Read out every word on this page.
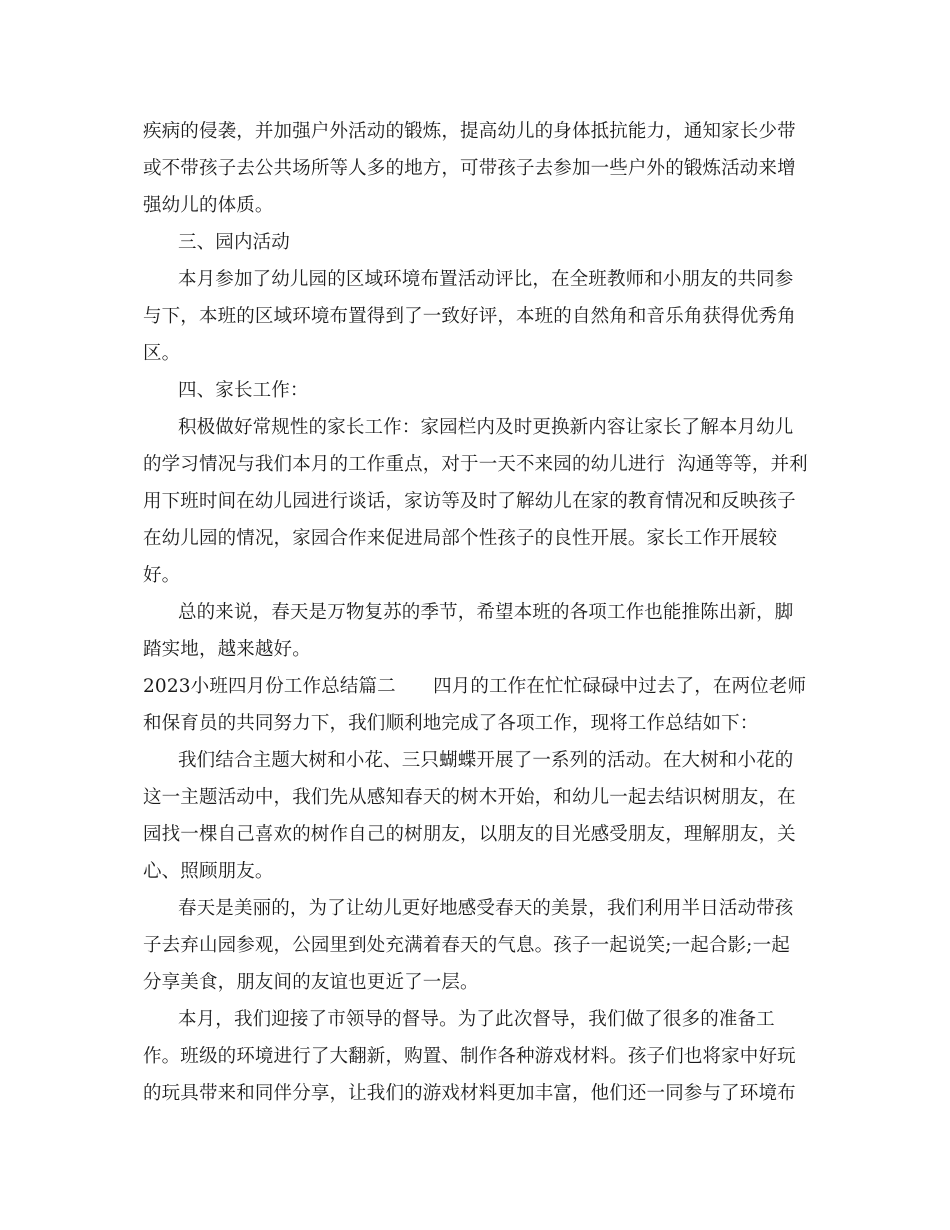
疾病的侵袭，并加强户外活动的锻炼，提高幼儿的身体抵抗能力，通知家长少带
或不带孩子去公共场所等人多的地方，可带孩子去参加一些户外的锻炼活动来增
强幼儿的体质。
三、园内活动
本月参加了幼儿园的区域环境布置活动评比，在全班教师和小朋友的共同参
与下，本班的区域环境布置得到了一致好评，本班的自然角和音乐角获得优秀角
区。
四、家长工作：
积极做好常规性的家长工作：家园栏内及时更换新内容让家长了解本月幼儿
的学习情况与我们本月的工作重点，对于一天不来园的幼儿进行  沟通等等，并利
用下班时间在幼儿园进行谈话，家访等及时了解幼儿在家的教育情况和反映孩子
在幼儿园的情况，家园合作来促进局部个性孩子的良性开展。家长工作开展较
好。
总的来说，春天是万物复苏的季节，希望本班的各项工作也能推陈出新，脚
踏实地，越来越好。
2023小班四月份工作总结篇二　　四月的工作在忙忙碌碌中过去了，在两位老师
和保育员的共同努力下，我们顺利地完成了各项工作，现将工作总结如下：
我们结合主题大树和小花、三只蝴蝶开展了一系列的活动。在大树和小花的
这一主题活动中，我们先从感知春天的树木开始，和幼儿一起去结识树朋友，在
园找一棵自己喜欢的树作自己的树朋友，以朋友的目光感受朋友，理解朋友，关
心、照顾朋友。
春天是美丽的，为了让幼儿更好地感受春天的美景，我们利用半日活动带孩
子去弃山园参观，公园里到处充满着春天的气息。孩子一起说笑;一起合影;一起
分享美食，朋友间的友谊也更近了一层。
本月，我们迎接了市领导的督导。为了此次督导，我们做了很多的准备工
作。班级的环境进行了大翻新，购置、制作各种游戏材料。孩子们也将家中好玩
的玩具带来和同伴分享，让我们的游戏材料更加丰富，他们还一同参与了环境布
